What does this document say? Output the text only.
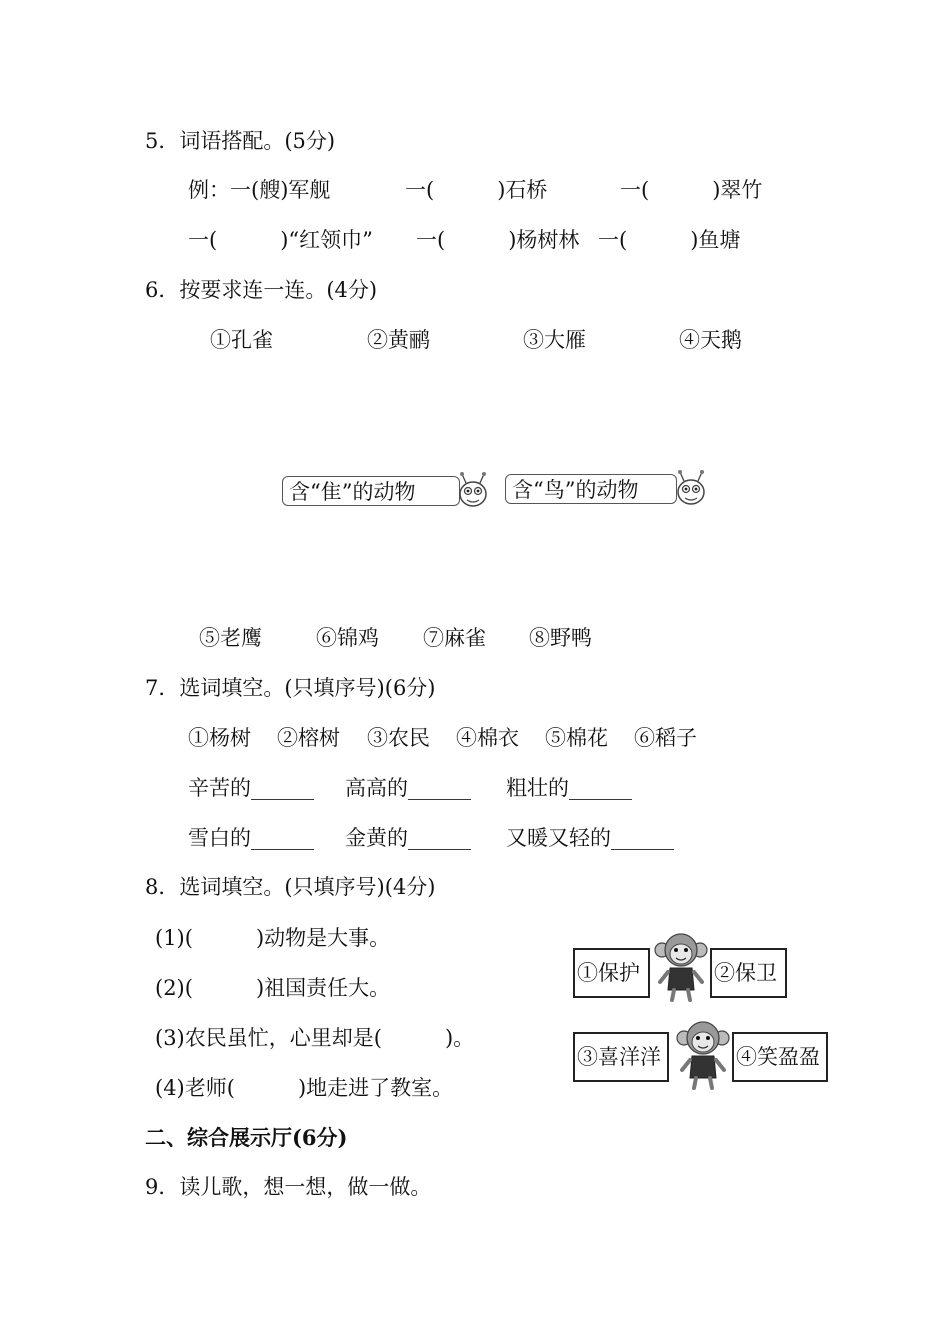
5．词语搭配。(5分)
例：一(艘)军舰	一(　　　)石桥	一(　　　)翠竹
一(　　　)“红领巾” 一(　　　)杨树林 一(　　　)鱼塘
6．按要求连一连。(4分)
①孔雀	②黄鹂	③大雁	④天鹅
含“隹”的动物	含“鸟”的动物
⑤老鹰	⑥锦鸡 ⑦麻雀 ⑧野鸭
7．选词填空。(只填序号)(6分)
①杨树 ②榕树 ③农民 ④棉衣 ⑤棉花 ⑥稻子
辛苦的______ 高高的______ 粗壮的______
雪白的______ 金黄的______ 又暖又轻的______
8．选词填空。(只填序号)(4分)
(1)(　　　)动物是大事。
(2)(　　　)祖国责任大。
(3)农民虽忙，心里却是(　　　)。
(4)老师(　　　)地走进了教室。
①保护	②保卫
③喜洋洋	④笑盈盈
二、综合展示厅(6分)
9．读儿歌，想一想，做一做。
